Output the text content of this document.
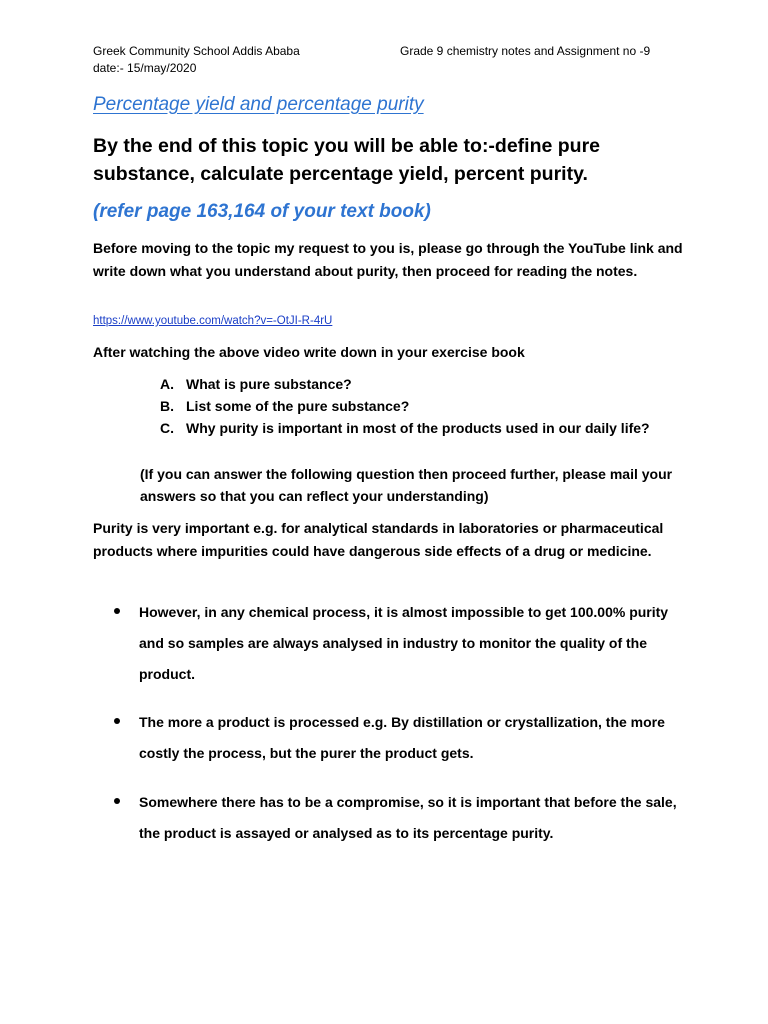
Greek Community School Addis Ababa	Grade 9 chemistry notes and Assignment no -9
date:- 15/may/2020
Percentage yield and percentage purity
By the end of this topic you will be able to:-define pure substance, calculate percentage yield, percent purity.
(refer page 163,164 of your text book)
Before moving to the topic my request to you is, please go through the YouTube link and write down what you understand about purity, then proceed for reading the notes.
https://www.youtube.com/watch?v=-OtJI-R-4rU
After watching the above video write down in your exercise book
A. What is pure substance?
B. List some of the pure substance?
C. Why purity is important in most of the products used in our daily life?
(If you can answer the following question then proceed further, please mail your answers so that you can reflect your understanding)
Purity is very important e.g. for analytical standards in laboratories or pharmaceutical products where impurities could have dangerous side effects of a drug or medicine.
However, in any chemical process, it is almost impossible to get 100.00% purity and so samples are always analysed in industry to monitor the quality of the product.
The more a product is processed e.g. By distillation or crystallization, the more costly the process, but the purer the product gets.
Somewhere there has to be a compromise, so it is important that before the sale, the product is assayed or analysed as to its percentage purity.
